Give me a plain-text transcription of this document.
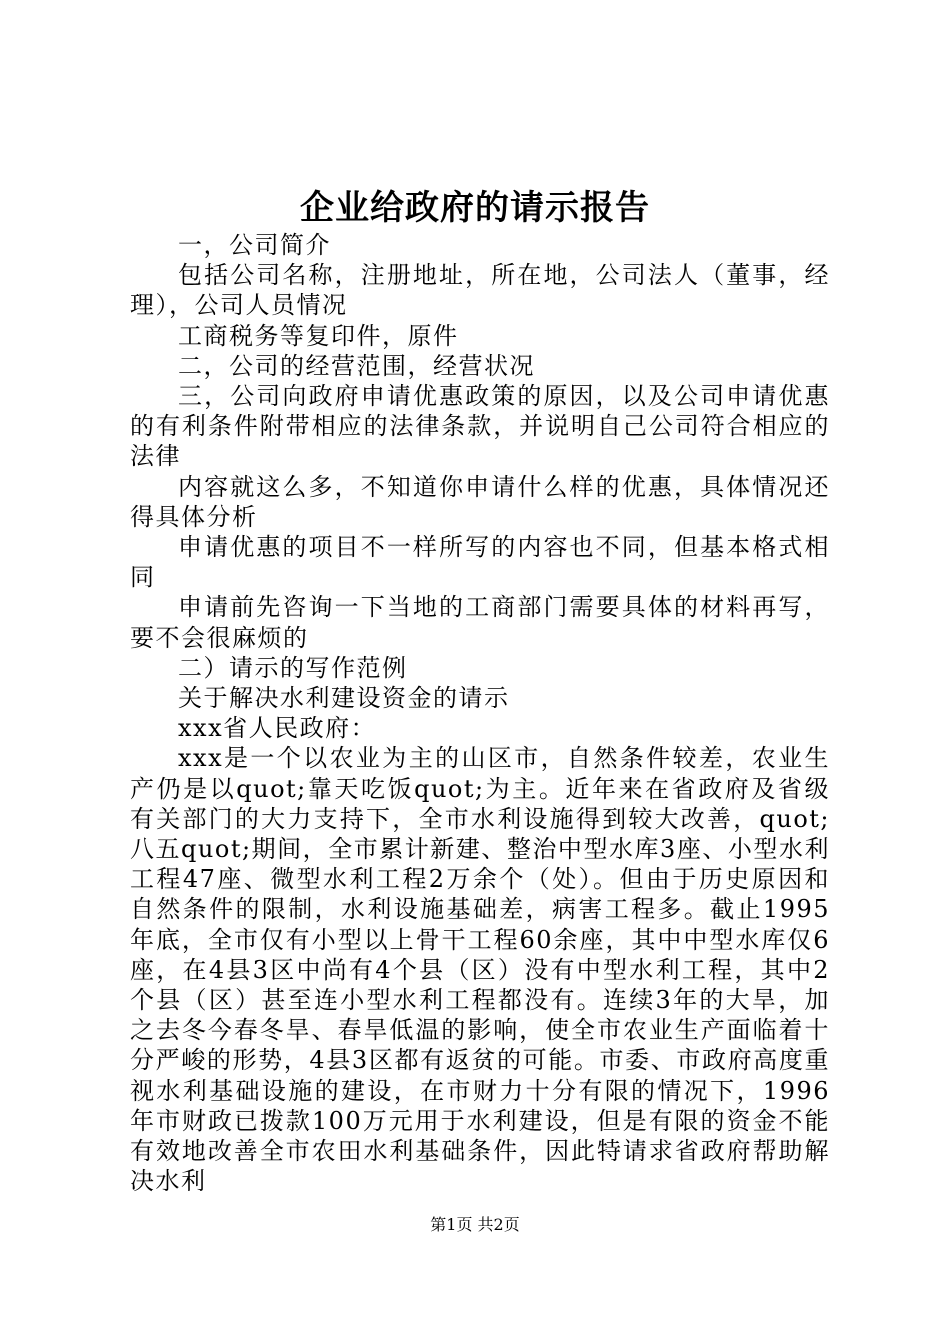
企业给政府的请示报告

一，公司简介

包括公司名称，注册地址，所在地，公司法人（董事，经理），公司人员情况

工商税务等复印件，原件

二，公司的经营范围，经营状况

三，公司向政府申请优惠政策的原因，以及公司申请优惠的有利条件附带相应的法律条款，并说明自己公司符合相应的法律

内容就这么多，不知道你申请什么样的优惠，具体情况还得具体分析

申请优惠的项目不一样所写的内容也不同，但基本格式相同

申请前先咨询一下当地的工商部门需要具体的材料再写，要不会很麻烦的

二）请示的写作范例

关于解决水利建设资金的请示

xxx省人民政府：

xxx是一个以农业为主的山区市，自然条件较差，农业生产仍是以quot;靠天吃饭quot;为主。近年来在省政府及省级有关部门的大力支持下，全市水利设施得到较大改善，quot;八五quot;期间，全市累计新建、整治中型水库3座、小型水利工程47座、微型水利工程2万余个（处）。但由于历史原因和自然条件的限制，水利设施基础差，病害工程多。截止1995年底，全市仅有小型以上骨干工程60余座，其中中型水库仅6座，在4县3区中尚有4个县（区）没有中型水利工程，其中2个县（区）甚至连小型水利工程都没有。连续3年的大旱，加之去冬今春冬旱、春旱低温的影响，使全市农业生产面临着十分严峻的形势，4县3区都有返贫的可能。市委、市政府高度重视水利基础设施的建设，在市财力十分有限的情况下，1996年市财政已拨款100万元用于水利建设，但是有限的资金不能有效地改善全市农田水利基础条件，因此特请求省政府帮助解决水利

第1页 共2页
